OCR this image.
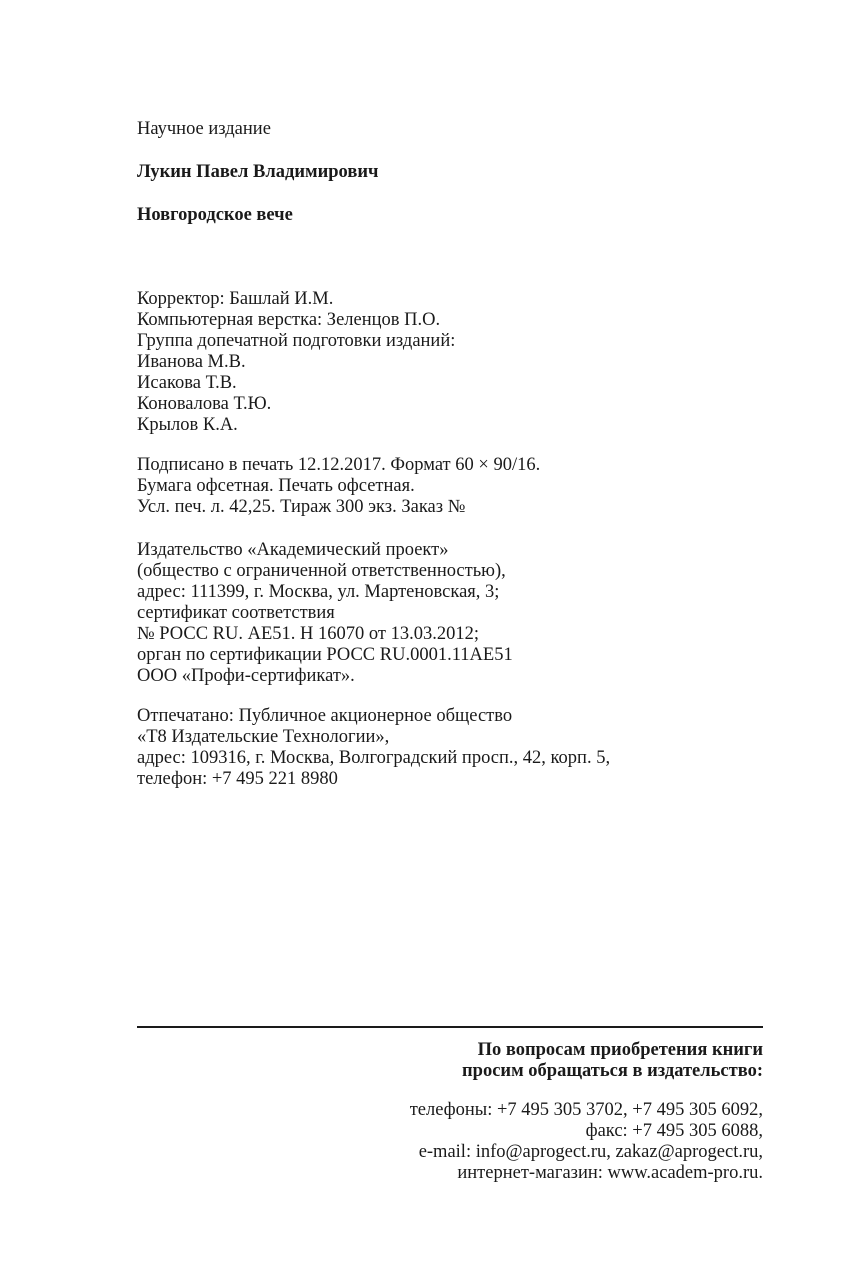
Научное издание
Лукин Павел Владимирович
Новгородское вече
Корректор: Башлай И.М.
Компьютерная верстка: Зеленцов П.О.
Группа допечатной подготовки изданий:
Иванова М.В.
Исакова Т.В.
Коновалова Т.Ю.
Крылов К.А.
Подписано в печать 12.12.2017. Формат 60 × 90/16.
Бумага офсетная. Печать офсетная.
Усл. печ. л. 42,25. Тираж 300 экз. Заказ №
Издательство «Академический проект»
(общество с ограниченной ответственностью),
адрес: 111399, г. Москва, ул. Мартеновская, 3;
сертификат соответствия
№ РОСС RU. АЕ51. Н 16070 от 13.03.2012;
орган по сертификации РОСС RU.0001.11АЕ51
ООО «Профи-сертификат».
Отпечатано: Публичное акционерное общество
«Т8 Издательские Технологии»,
адрес: 109316, г. Москва, Волгоградский просп., 42, корп. 5,
телефон: +7 495 221 8980
По вопросам приобретения книги
просим обращаться в издательство:
телефоны: +7 495 305 3702, +7 495 305 6092,
факс: +7 495 305 6088,
e-mail: info@aprogect.ru, zakaz@aprogect.ru,
интернет-магазин: www.academ-pro.ru.
